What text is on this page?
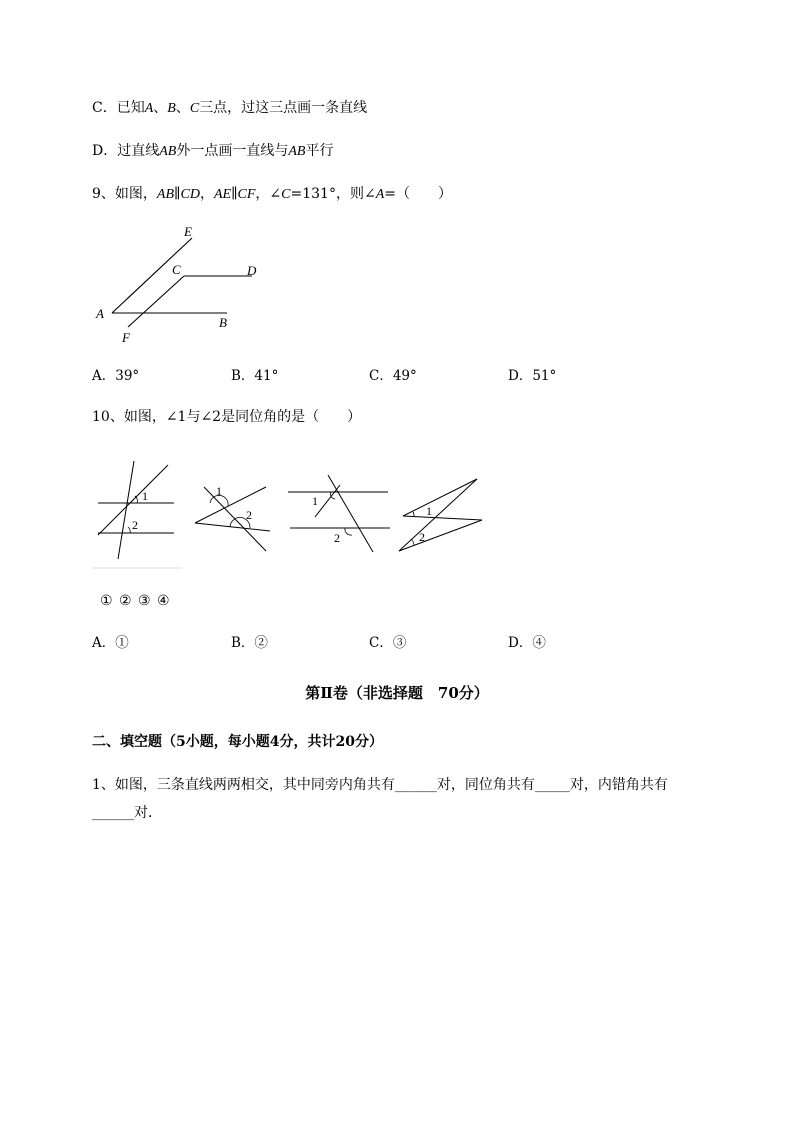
C．已知A、B、C三点，过这三点画一条直线
D．过直线AB外一点画一直线与AB平行
9、如图，AB∥CD，AE∥CF，∠C=131°，则∠A=（　　）
E
C	D
A
B
F
A．39°	B．41°	C．49°	D．51°
10、如图，∠1与∠2是同位角的是（　　）
1
2
1
2
1
2
1
2
① ② ③ ④
A．①	B．②	C．③	D．④
第Ⅱ卷（非选择题　70分）
二、填空题（5小题，每小题4分，共计20分）
1、如图，三条直线两两相交，其中同旁内角共有______对，同位角共有_____对，内错角共有
______对．
